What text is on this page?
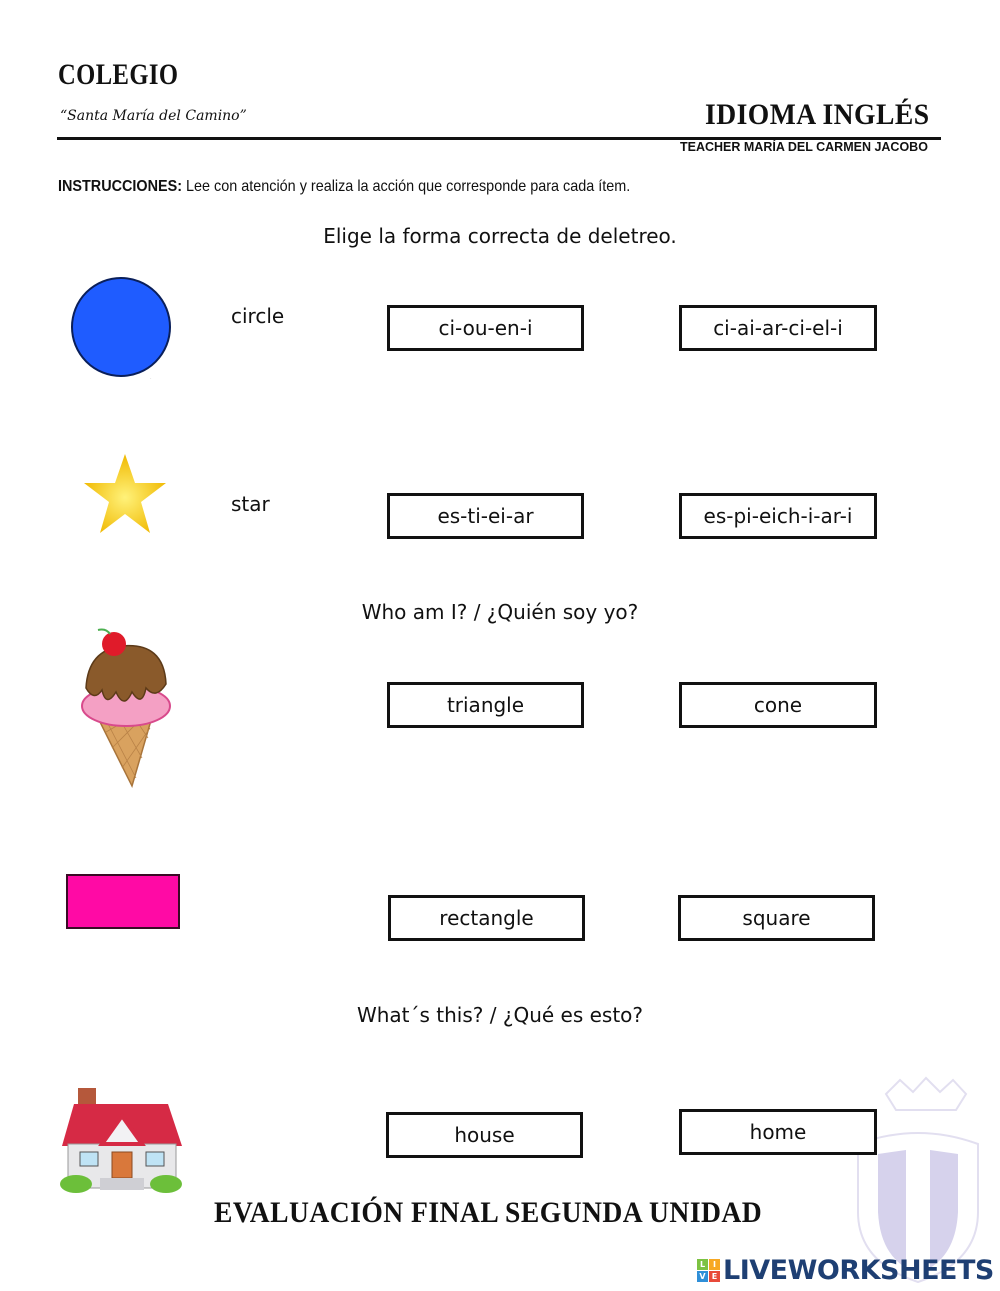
COLEGIO
“Santa María del Camino”	IDIOMA INGLÉS
TEACHER MARÍA DEL CARMEN JACOBO
INSTRUCCIONES: Lee con atención y realiza la acción que corresponde para cada ítem.
Elige la forma correcta de deletreo.
·
circle	ci-ou-en-i	ci-ai-ar-ci-el-i
star	es-ti-ei-ar	es-pi-eich-i-ar-i
Who am I? / ¿Quién soy yo?
triangle	cone
rectangle	square
What´s this? / ¿Qué es esto?
house	home
EVALUACIÓN FINAL SEGUNDA UNIDAD
L I
V E LIVEWORKSHEETS
